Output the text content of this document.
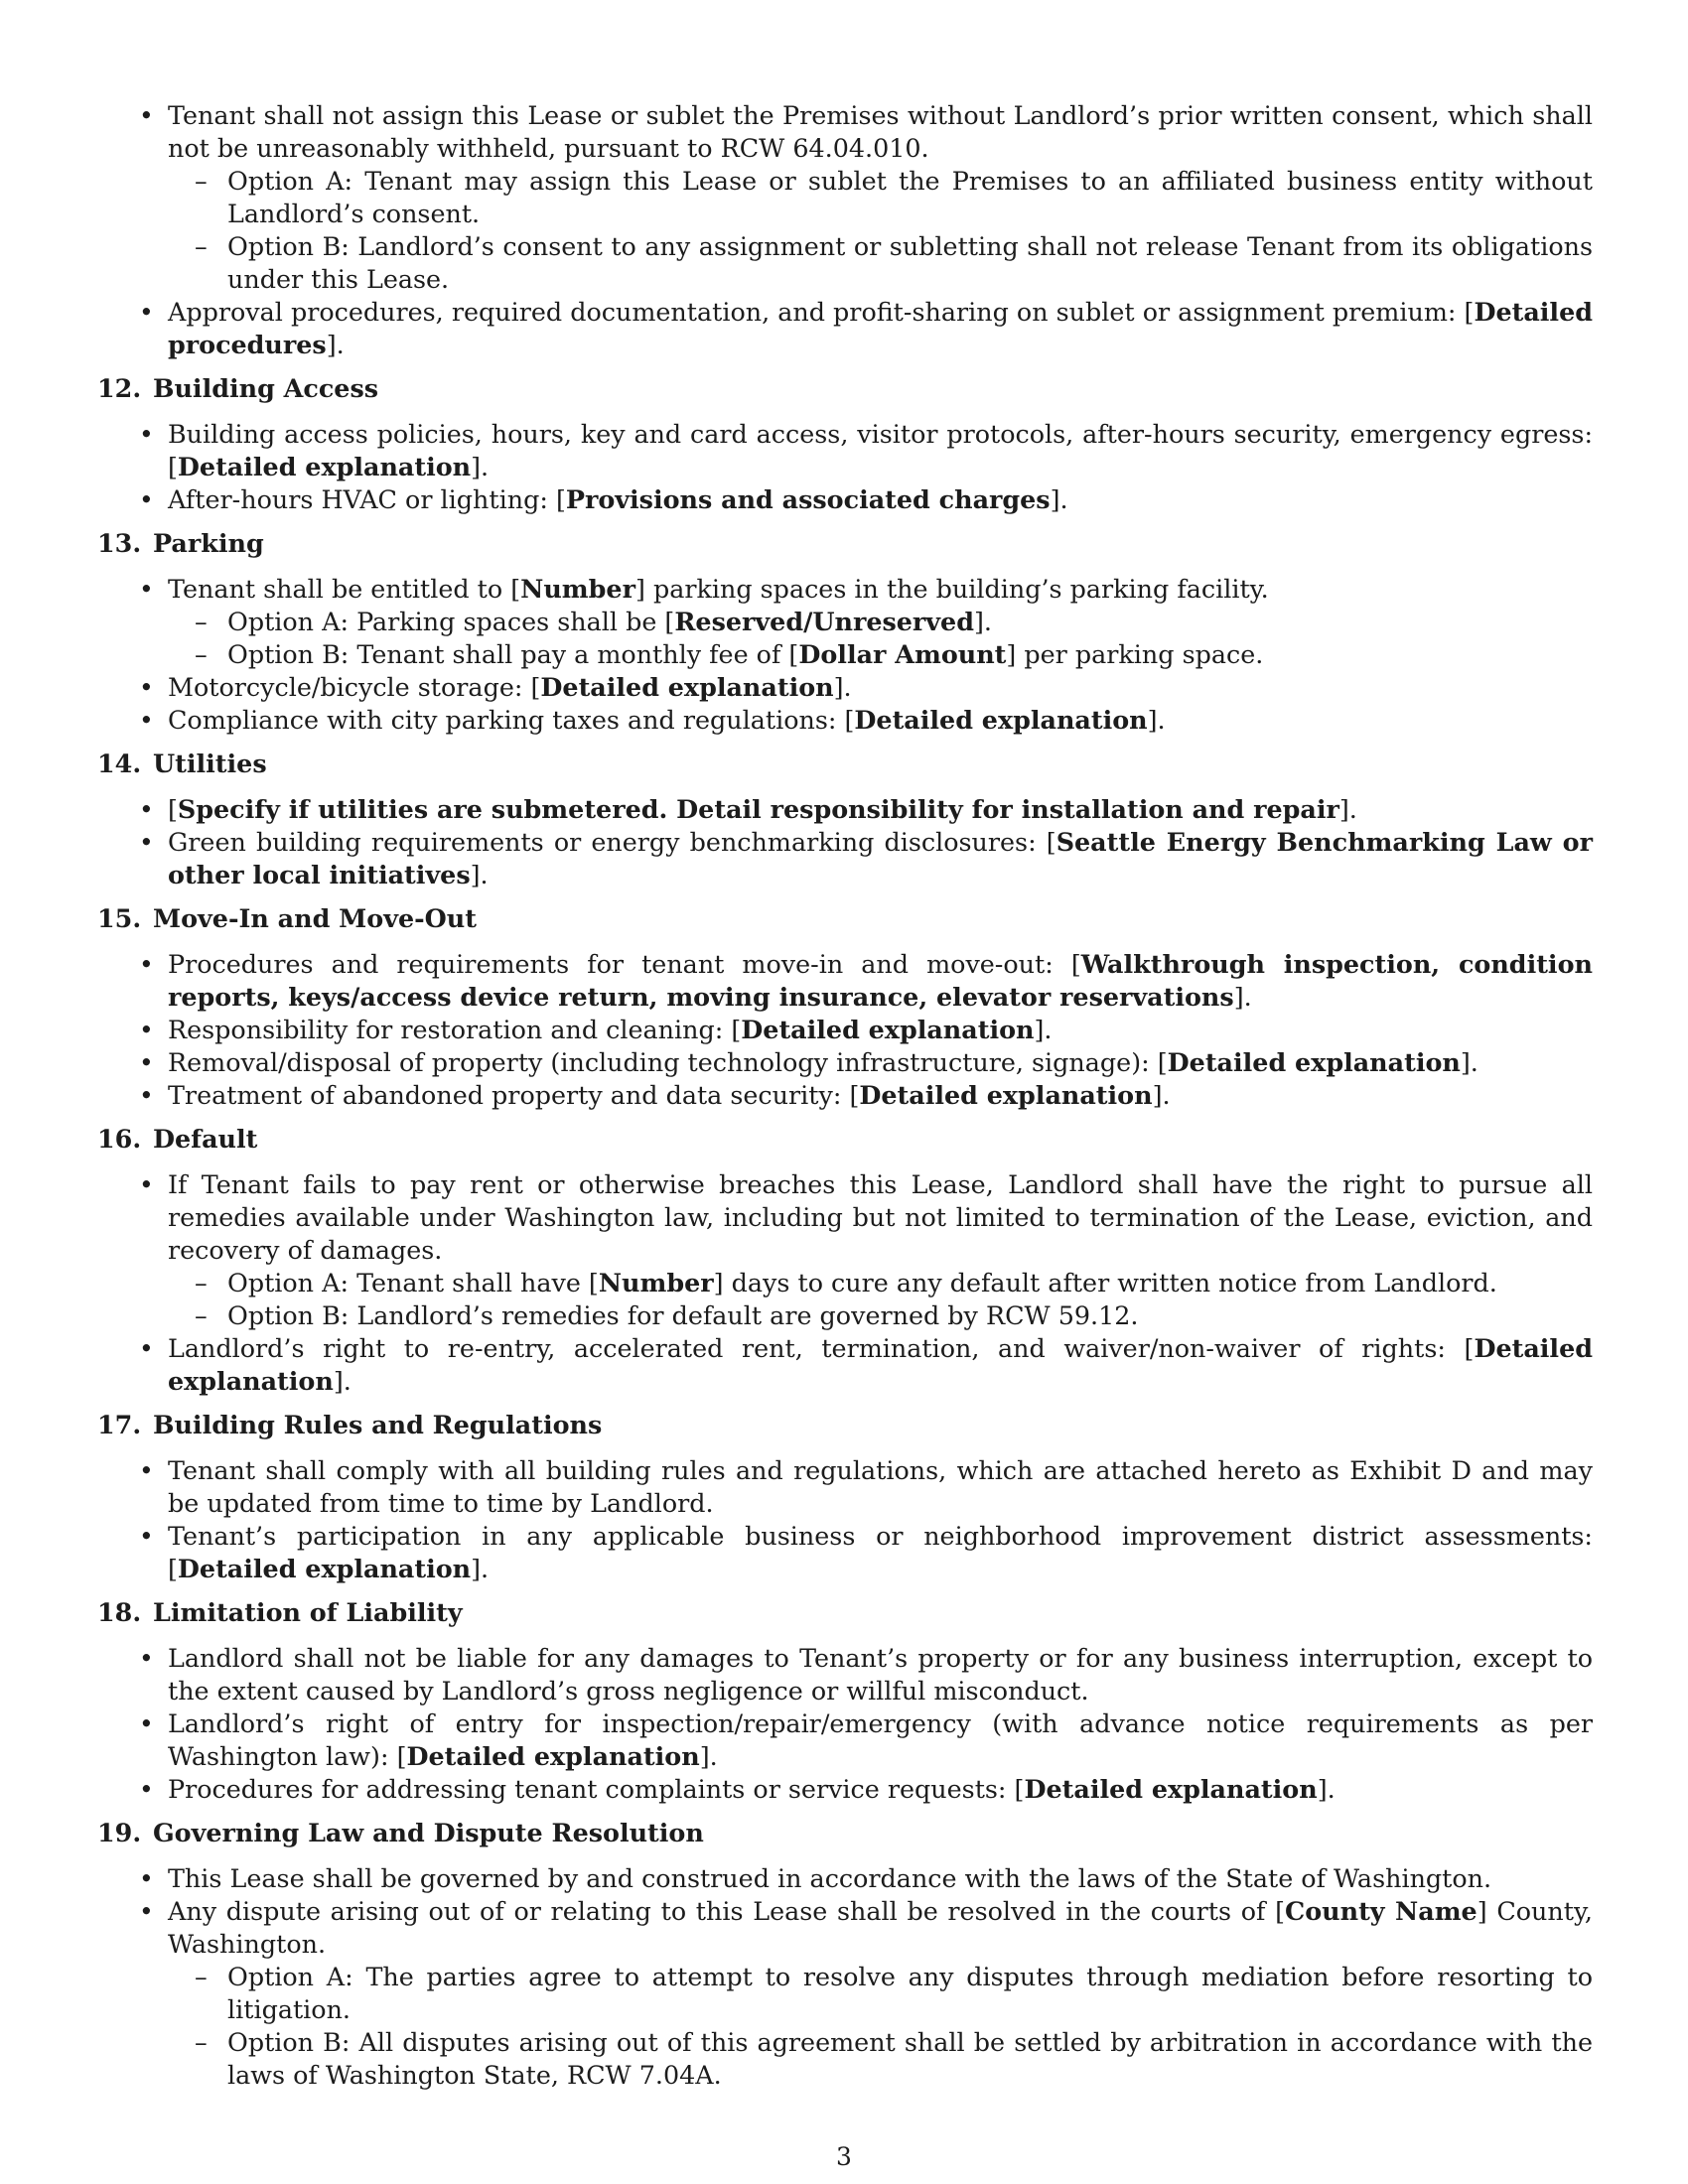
• Tenant shall not assign this Lease or sublet the Premises without Landlord’s prior written consent, which shall not be unreasonably withheld, pursuant to RCW 64.04.010.
– Option A: Tenant may assign this Lease or sublet the Premises to an affiliated business entity without Landlord’s consent.
– Option B: Landlord’s consent to any assignment or subletting shall not release Tenant from its obligations under this Lease.
• Approval procedures, required documentation, and profit-sharing on sublet or assignment premium: [Detailed procedures].
12. Building Access
• Building access policies, hours, key and card access, visitor protocols, after-hours security, emergency egress: [Detailed explanation].
• After-hours HVAC or lighting: [Provisions and associated charges].
13. Parking
• Tenant shall be entitled to [Number] parking spaces in the building’s parking facility.
– Option A: Parking spaces shall be [Reserved/Unreserved].
– Option B: Tenant shall pay a monthly fee of [Dollar Amount] per parking space.
• Motorcycle/bicycle storage: [Detailed explanation].
• Compliance with city parking taxes and regulations: [Detailed explanation].
14. Utilities
• [Specify if utilities are submetered. Detail responsibility for installation and repair].
• Green building requirements or energy benchmarking disclosures: [Seattle Energy Benchmarking Law or other local initiatives].
15. Move-In and Move-Out
• Procedures and requirements for tenant move-in and move-out: [Walkthrough inspection, condition reports, keys/access device return, moving insurance, elevator reservations].
• Responsibility for restoration and cleaning: [Detailed explanation].
• Removal/disposal of property (including technology infrastructure, signage): [Detailed explanation].
• Treatment of abandoned property and data security: [Detailed explanation].
16. Default
• If Tenant fails to pay rent or otherwise breaches this Lease, Landlord shall have the right to pursue all remedies available under Washington law, including but not limited to termination of the Lease, eviction, and recovery of damages.
– Option A: Tenant shall have [Number] days to cure any default after written notice from Landlord.
– Option B: Landlord’s remedies for default are governed by RCW 59.12.
• Landlord’s right to re-entry, accelerated rent, termination, and waiver/non-waiver of rights: [Detailed explanation].
17. Building Rules and Regulations
• Tenant shall comply with all building rules and regulations, which are attached hereto as Exhibit D and may be updated from time to time by Landlord.
• Tenant’s participation in any applicable business or neighborhood improvement district assessments: [Detailed explanation].
18. Limitation of Liability
• Landlord shall not be liable for any damages to Tenant’s property or for any business interruption, except to the extent caused by Landlord’s gross negligence or willful misconduct.
• Landlord’s right of entry for inspection/repair/emergency (with advance notice requirements as per Washington law): [Detailed explanation].
• Procedures for addressing tenant complaints or service requests: [Detailed explanation].
19. Governing Law and Dispute Resolution
• This Lease shall be governed by and construed in accordance with the laws of the State of Washington.
• Any dispute arising out of or relating to this Lease shall be resolved in the courts of [County Name] County, Washington.
– Option A: The parties agree to attempt to resolve any disputes through mediation before resorting to litigation.
– Option B: All disputes arising out of this agreement shall be settled by arbitration in accordance with the laws of Washington State, RCW 7.04A.
3
